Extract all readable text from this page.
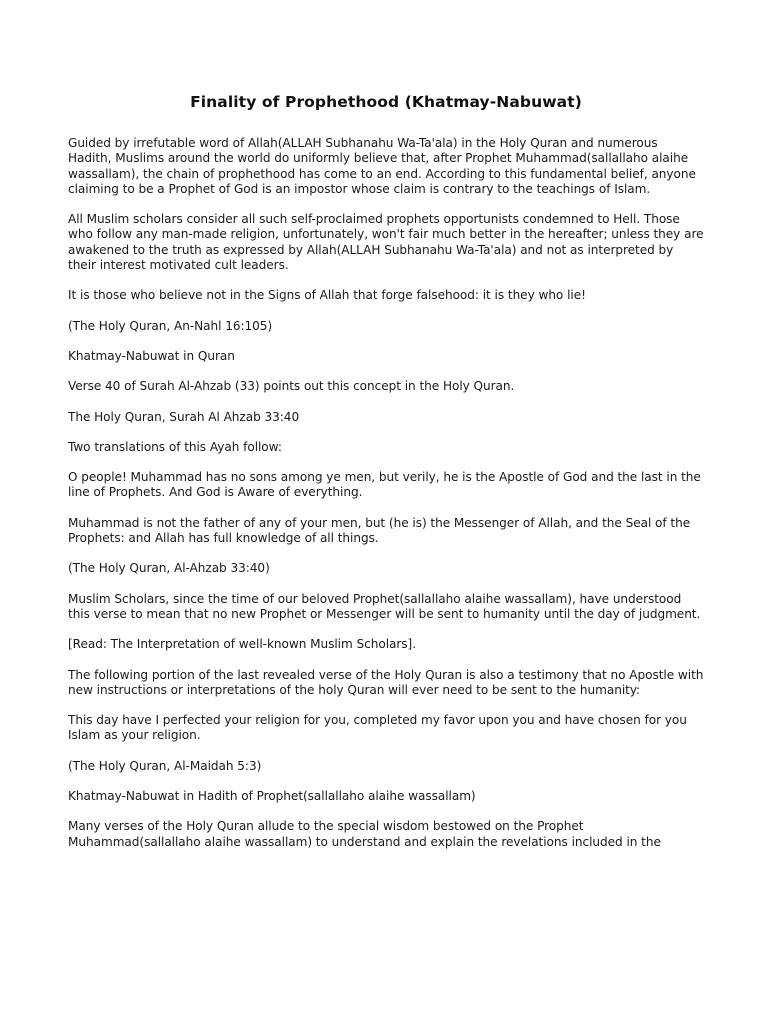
Finality of Prophethood (Khatmay-Nabuwat)

Guided by irrefutable word of Allah(ALLAH Subhanahu Wa-Ta'ala) in the Holy Quran and numerous Hadith, Muslims around the world do uniformly believe that, after Prophet Muhammad(sallallaho alaihe wassallam), the chain of prophethood has come to an end. According to this fundamental belief, anyone claiming to be a Prophet of God is an impostor whose claim is contrary to the teachings of Islam.

All Muslim scholars consider all such self-proclaimed prophets opportunists condemned to Hell. Those who follow any man-made religion, unfortunately, won't fair much better in the hereafter; unless they are awakened to the truth as expressed by Allah(ALLAH Subhanahu Wa-Ta'ala) and not as interpreted by their interest motivated cult leaders.

It is those who believe not in the Signs of Allah that forge falsehood: it is they who lie!

(The Holy Quran, An-Nahl 16:105)

Khatmay-Nabuwat in Quran

Verse 40 of Surah Al-Ahzab (33) points out this concept in the Holy Quran.

The Holy Quran, Surah Al Ahzab 33:40

Two translations of this Ayah follow:

O people! Muhammad has no sons among ye men, but verily, he is the Apostle of God and the last in the line of Prophets. And God is Aware of everything.

Muhammad is not the father of any of your men, but (he is) the Messenger of Allah, and the Seal of the Prophets: and Allah has full knowledge of all things.

(The Holy Quran, Al-Ahzab 33:40)

Muslim Scholars, since the time of our beloved Prophet(sallallaho alaihe wassallam), have understood this verse to mean that no new Prophet or Messenger will be sent to humanity until the day of judgment.

[Read: The Interpretation of well-known Muslim Scholars].

The following portion of the last revealed verse of the Holy Quran is also a testimony that no Apostle with new instructions or interpretations of the holy Quran will ever need to be sent to the humanity:

This day have I perfected your religion for you, completed my favor upon you and have chosen for you Islam as your religion.

(The Holy Quran, Al-Maidah 5:3)

Khatmay-Nabuwat in Hadith of Prophet(sallallaho alaihe wassallam)

Many verses of the Holy Quran allude to the special wisdom bestowed on the Prophet Muhammad(sallallaho alaihe wassallam) to understand and explain the revelations included in the
